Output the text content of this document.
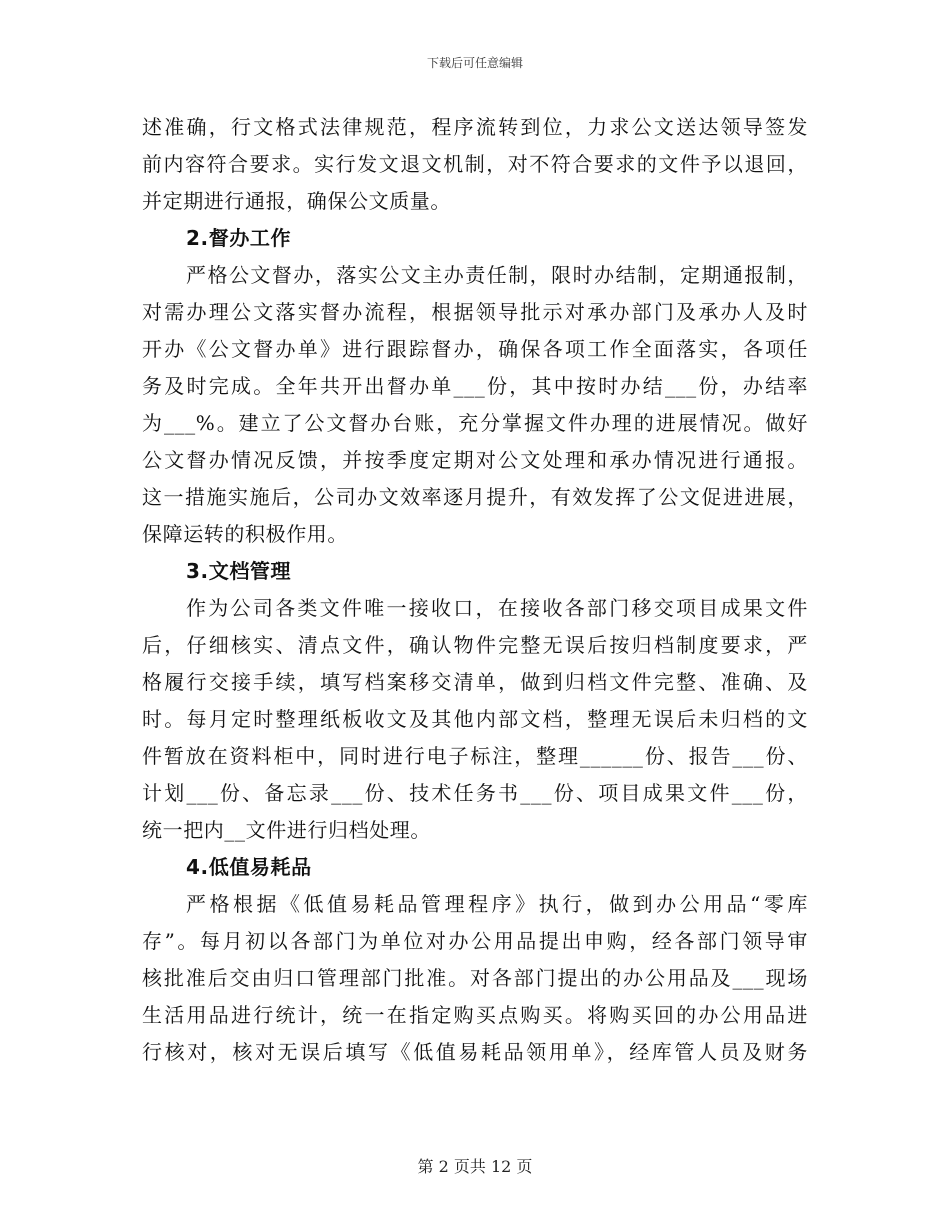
下载后可任意编辑
述准确，行文格式法律规范，程序流转到位，力求公文送达领导签发
前内容符合要求。实行发文退文机制，对不符合要求的文件予以退回，
并定期进行通报，确保公文质量。
2.督办工作
严格公文督办，落实公文主办责任制，限时办结制，定期通报制，
对需办理公文落实督办流程，根据领导批示对承办部门及承办人及时
开办《公文督办单》进行跟踪督办，确保各项工作全面落实，各项任
务及时完成。全年共开出督办单___份，其中按时办结___份，办结率
为___%。建立了公文督办台账，充分掌握文件办理的进展情况。做好
公文督办情况反馈，并按季度定期对公文处理和承办情况进行通报。
这一措施实施后，公司办文效率逐月提升，有效发挥了公文促进进展，
保障运转的积极作用。
3.文档管理
作为公司各类文件唯一接收口，在接收各部门移交项目成果文件
后，仔细核实、清点文件，确认物件完整无误后按归档制度要求，严
格履行交接手续，填写档案移交清单，做到归档文件完整、准确、及
时。每月定时整理纸板收文及其他内部文档，整理无误后未归档的文
件暂放在资料柜中，同时进行电子标注，整理______份、报告___份、
计划___份、备忘录___份、技术任务书___份、项目成果文件___份，
统一把内__文件进行归档处理。
4.低值易耗品
严格根据《低值易耗品管理程序》执行，做到办公用品“零库
存”。每月初以各部门为单位对办公用品提出申购，经各部门领导审
核批准后交由归口管理部门批准。对各部门提出的办公用品及___现场
生活用品进行统计，统一在指定购买点购买。将购买回的办公用品进
行核对，核对无误后填写《低值易耗品领用单》，经库管人员及财务
第 2 页共 12 页
